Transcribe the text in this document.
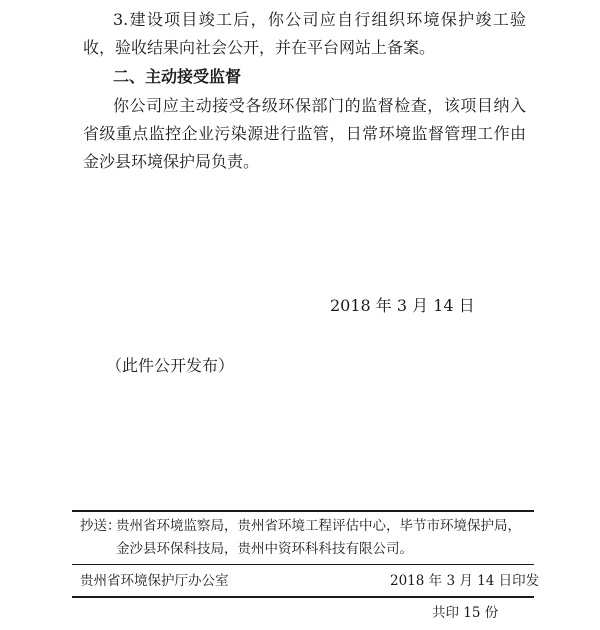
3.建设项目竣工后，你公司应自行组织环境保护竣工验
收，验收结果向社会公开，并在平台网站上备案。
二、主动接受监督
你公司应主动接受各级环保部门的监督检查，该项目纳入
省级重点监控企业污染源进行监管，日常环境监督管理工作由
金沙县环境保护局负责。
2018 年 3 月 14 日
（此件公开发布）
抄送：
贵州省环境监察局，贵州省环境工程评估中心，毕节市环境保护局，
金沙县环保科技局，贵州中资环科科技有限公司。
贵州省环境保护厅办公室	2018 年 3 月 14 日印发
共印 15 份
